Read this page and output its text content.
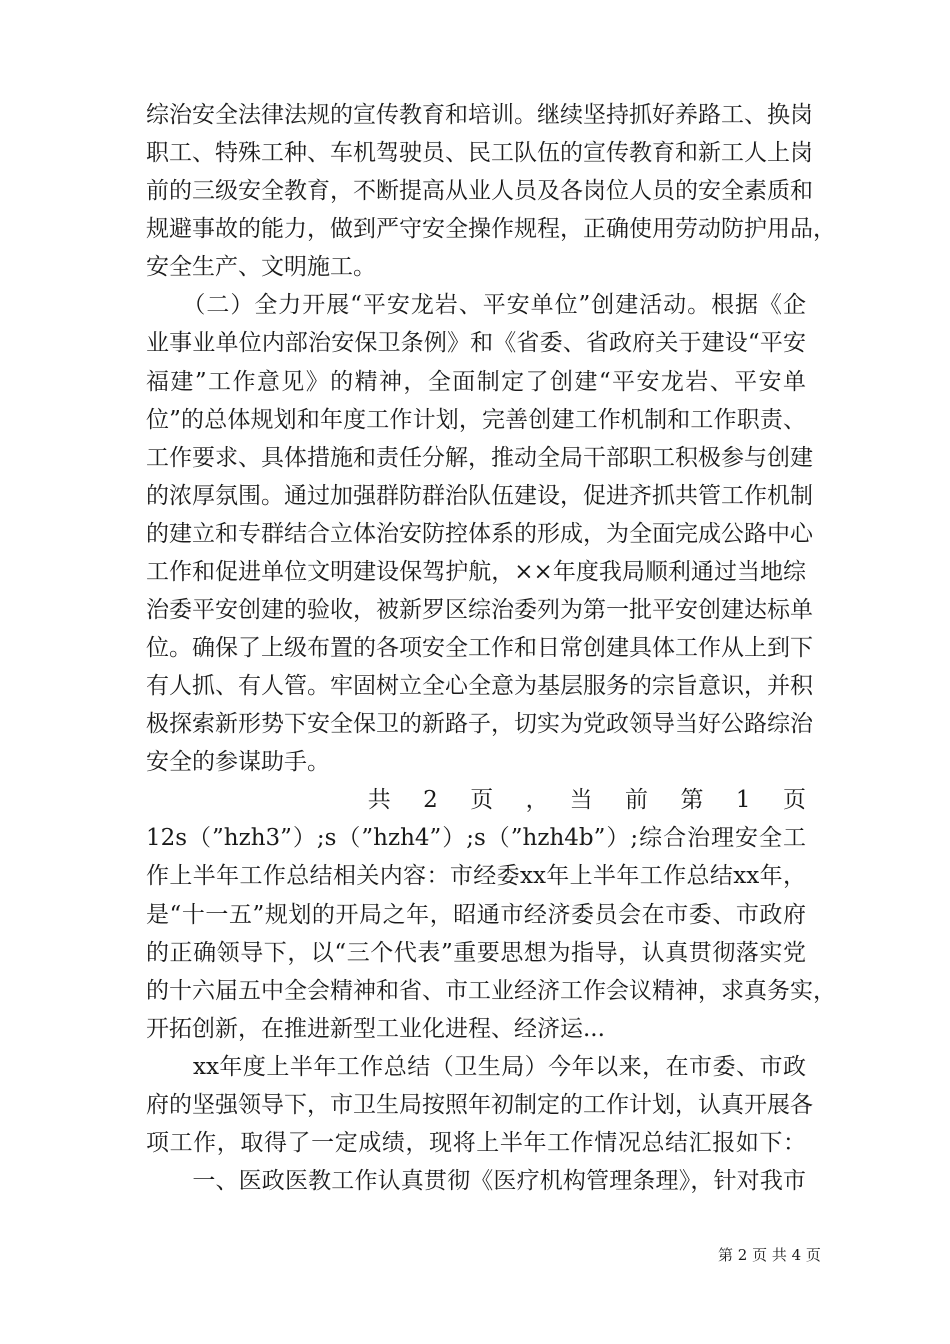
综治安全法律法规的宣传教育和培训。继续坚持抓好养路工、换岗
职工、特殊工种、车机驾驶员、民工队伍的宣传教育和新工人上岗
前的三级安全教育，不断提高从业人员及各岗位人员的安全素质和
规避事故的能力，做到严守安全操作规程，正确使用劳动防护用品，
安全生产、文明施工。
　　（二）全力开展“平安龙岩、平安单位”创建活动。根据《企
业事业单位内部治安保卫条例》和《省委、省政府关于建设“平安
福建”工作意见》的精神，全面制定了创建“平安龙岩、平安单
位”的总体规划和年度工作计划，完善创建工作机制和工作职责、
工作要求、具体措施和责任分解，推动全局干部职工积极参与创建
的浓厚氛围。通过加强群防群治队伍建设，促进齐抓共管工作机制
的建立和专群结合立体治安防控体系的形成，为全面完成公路中心
工作和促进单位文明建设保驾护航，××年度我局顺利通过当地综
治委平安创建的验收，被新罗区综治委列为第一批平安创建达标单
位。确保了上级布置的各项安全工作和日常创建具体工作从上到下
有人抓、有人管。牢固树立全心全意为基层服务的宗旨意识，并积
极探索新形势下安全保卫的新路子，切实为党政领导当好公路综治
安全的参谋助手。
　　　　　　　　共　2　页　，　当　前　第　1　页
12s（”hzh3”）;s（”hzh4”）;s（”hzh4b”）;综合治理安全工
作上半年工作总结相关内容：市经委xx年上半年工作总结xx年，
是“十一五”规划的开局之年，昭通市经济委员会在市委、市政府
的正确领导下，以“三个代表”重要思想为指导，认真贯彻落实党
的十六届五中全会精神和省、市工业经济工作会议精神，求真务实，
开拓创新，在推进新型工业化进程、经济运...
　　xx年度上半年工作总结（卫生局）今年以来，在市委、市政
府的坚强领导下，市卫生局按照年初制定的工作计划，认真开展各
项工作，取得了一定成绩，现将上半年工作情况总结汇报如下：
　　一、医政医教工作认真贯彻《医疗机构管理条理》，针对我市
第 2 页 共 4 页
